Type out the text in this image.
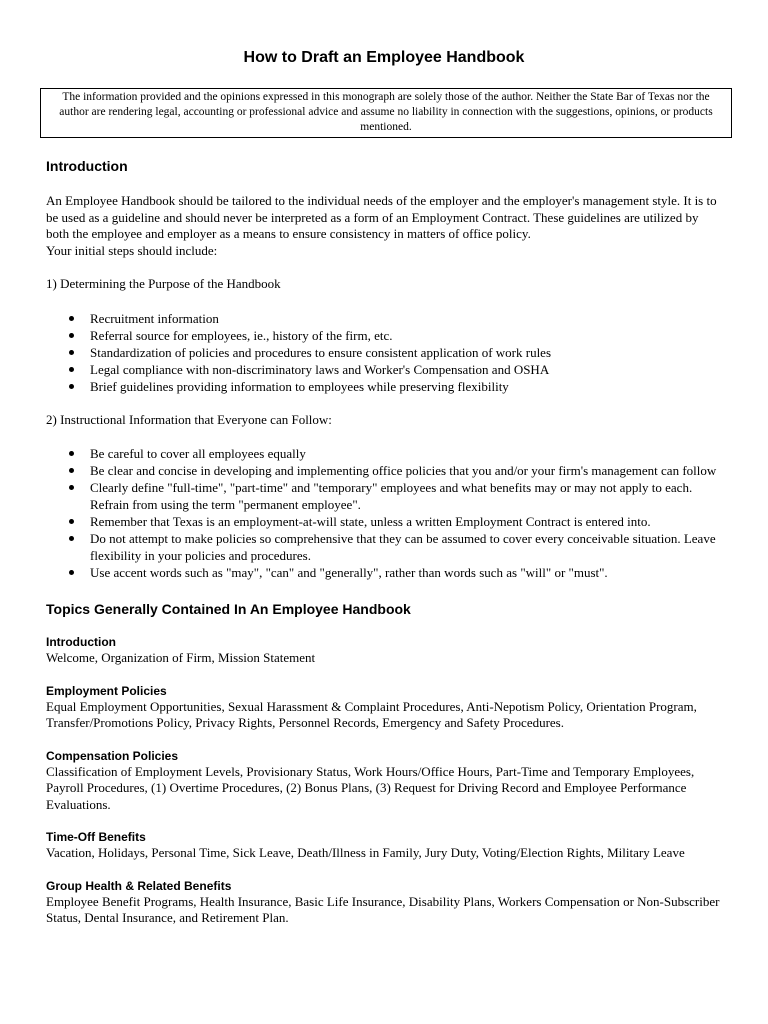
How to Draft an Employee Handbook
The information provided and the opinions expressed in this monograph are solely those of the author. Neither the State Bar of Texas nor the author are rendering legal, accounting or professional advice and assume no liability in connection with the suggestions, opinions, or products mentioned.
Introduction

An Employee Handbook should be tailored to the individual needs of the employer and the employer's management style. It is to be used as a guideline and should never be interpreted as a form of an Employment Contract. These guidelines are utilized by both the employee and employer as a means to ensure consistency in matters of office policy.
Your initial steps should include:

1) Determining the Purpose of the Handbook

Recruitment information
Referral source for employees, ie., history of the firm, etc.
Standardization of policies and procedures to ensure consistent application of work rules
Legal compliance with non-discriminatory laws and Worker's Compensation and OSHA
Brief guidelines providing information to employees while preserving flexibility

2) Instructional Information that Everyone can Follow:

Be careful to cover all employees equally
Be clear and concise in developing and implementing office policies that you and/or your firm's management can follow
Clearly define "full-time", "part-time" and "temporary" employees and what benefits may or may not apply to each. Refrain from using the term "permanent employee".
Remember that Texas is an employment-at-will state, unless a written Employment Contract is entered into.
Do not attempt to make policies so comprehensive that they can be assumed to cover every conceivable situation. Leave flexibility in your policies and procedures.
Use accent words such as "may", "can" and "generally", rather than words such as "will" or "must".
Topics Generally Contained In An Employee Handbook
Introduction
Welcome, Organization of Firm, Mission Statement
Employment Policies
Equal Employment Opportunities, Sexual Harassment & Complaint Procedures, Anti-Nepotism Policy, Orientation Program, Transfer/Promotions Policy, Privacy Rights, Personnel Records, Emergency and Safety Procedures.
Compensation Policies
Classification of Employment Levels, Provisionary Status, Work Hours/Office Hours, Part-Time and Temporary Employees, Payroll Procedures, (1) Overtime Procedures, (2) Bonus Plans, (3) Request for Driving Record and Employee Performance Evaluations.
Time-Off Benefits
Vacation, Holidays, Personal Time, Sick Leave, Death/Illness in Family, Jury Duty, Voting/Election Rights, Military Leave
Group Health & Related Benefits
Employee Benefit Programs, Health Insurance, Basic Life Insurance, Disability Plans, Workers Compensation or Non-Subscriber Status, Dental Insurance, and Retirement Plan.
